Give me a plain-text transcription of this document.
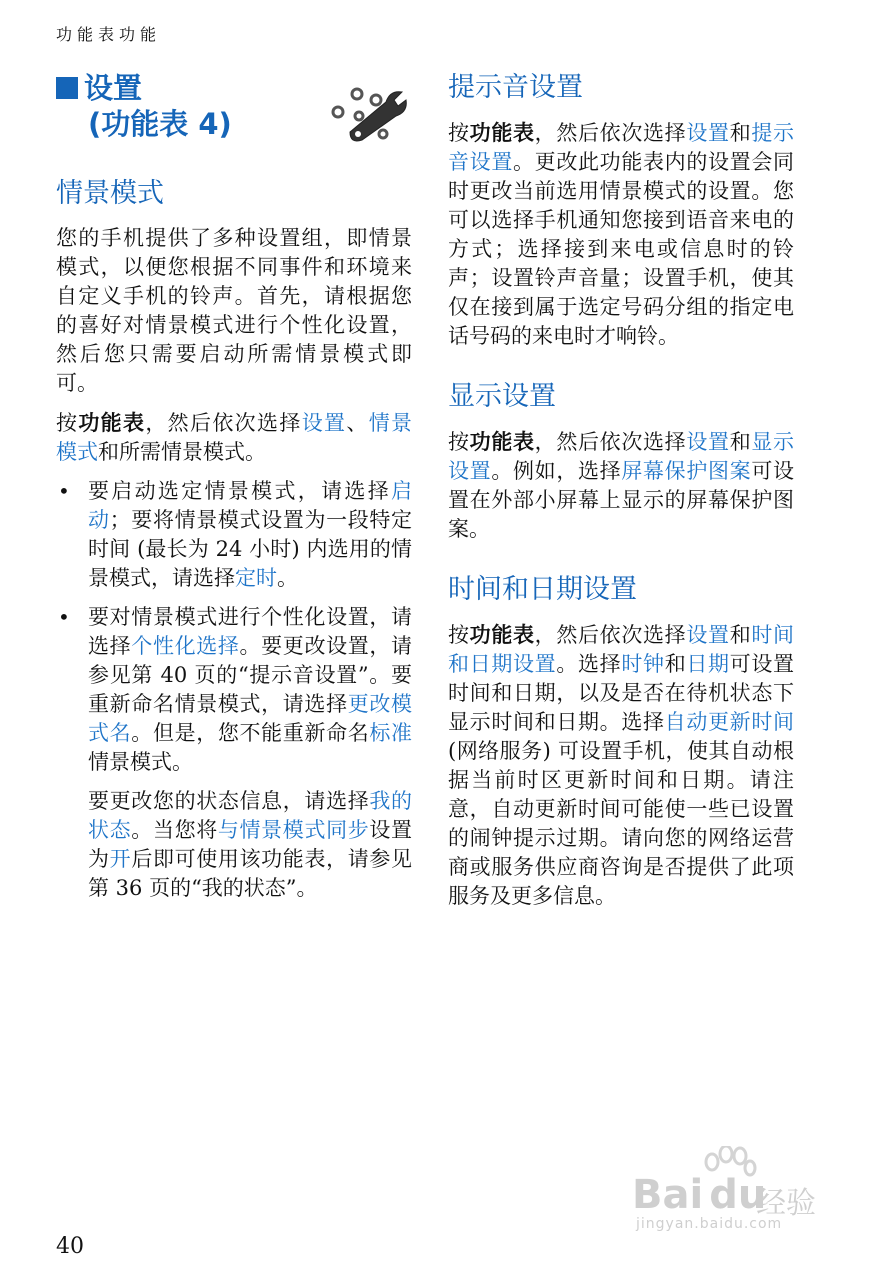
功能表功能
设置
(功能表 4)
情景模式

您的手机提供了多种设置组，即情景模式，以便您根据不同事件和环境来自定义手机的铃声。首先，请根据您的喜好对情景模式进行个性化设置，然后您只需要启动所需情景模式即可。

按功能表，然后依次选择设置、情景模式和所需情景模式。

• 要启动选定情景模式，请选择启动；要将情景模式设置为一段特定时间 (最长为 24 小时) 内选用的情景模式，请选择定时。

• 要对情景模式进行个性化设置，请选择个性化选择。要更改设置，请参见第 40 页的“提示音设置”。要重新命名情景模式，请选择更改模式名。但是，您不能重新命名标准情景模式。

要更改您的状态信息，请选择我的状态。当您将与情景模式同步设置为开后即可使用该功能表，请参见第 36 页的“我的状态”。

提示音设置

按功能表，然后依次选择设置和提示音设置。更改此功能表内的设置会同时更改当前选用情景模式的设置。您可以选择手机通知您接到语音来电的方式；选择接到来电或信息时的铃声；设置铃声音量；设置手机，使其仅在接到属于选定号码分组的指定电话号码的来电时才响铃。

显示设置

按功能表，然后依次选择设置和显示设置。例如，选择屏幕保护图案可设置在外部小屏幕上显示的屏幕保护图案。

时间和日期设置

按功能表，然后依次选择设置和时间和日期设置。选择时钟和日期可设置时间和日期，以及是否在待机状态下显示时间和日期。选择自动更新时间 (网络服务) 可设置手机，使其自动根据当前时区更新时间和日期。请注意，自动更新时间可能使一些已设置的闹钟提示过期。请向您的网络运营商或服务供应商咨询是否提供了此项服务及更多信息。

40
Bai du
经验
jingyan.baidu.com
